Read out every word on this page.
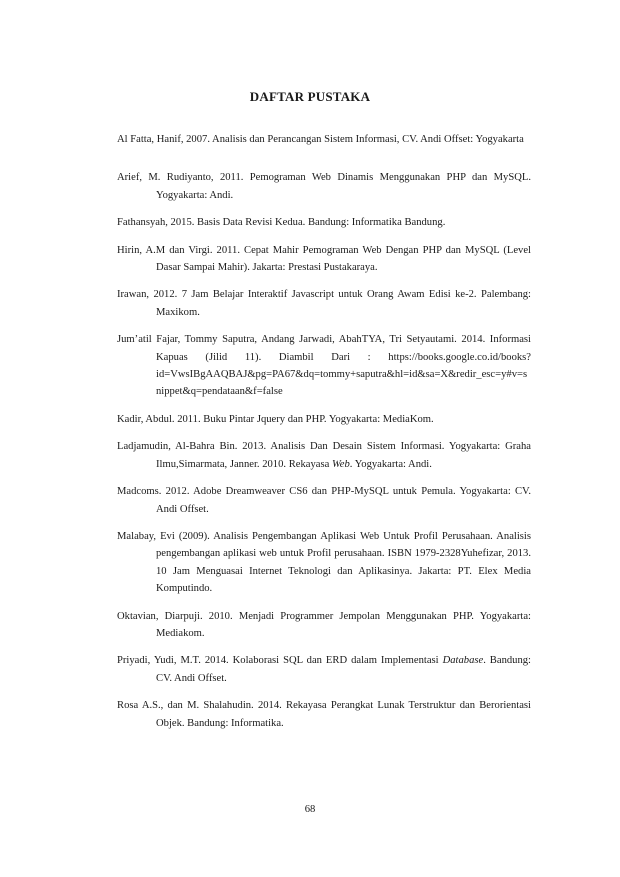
DAFTAR PUSTAKA

Al Fatta, Hanif, 2007. Analisis dan Perancangan Sistem Informasi, CV. Andi Offset: Yogyakarta

Arief, M. Rudiyanto, 2011. Pemograman Web Dinamis Menggunakan PHP dan MySQL. Yogyakarta: Andi.

Fathansyah, 2015. Basis Data Revisi Kedua. Bandung: Informatika Bandung.

Hirin, A.M dan Virgi. 2011. Cepat Mahir Pemograman Web Dengan PHP dan MySQL (Level Dasar Sampai Mahir). Jakarta: Prestasi Pustakaraya.

Irawan, 2012. 7 Jam Belajar Interaktif Javascript untuk Orang Awam Edisi ke-2. Palembang: Maxikom.

Jum’atil Fajar, Tommy Saputra, Andang Jarwadi, AbahTYA, Tri Setyautami. 2014. Informasi Kapuas (Jilid 11). Diambil Dari : https://books.google.co.id/books?id=VwsIBgAAQBAJ&pg=PA67&dq=tommy+saputra&hl=id&sa=X&redir_esc=y#v=snippet&q=pendataan&f=false

Kadir, Abdul. 2011. Buku Pintar Jquery dan PHP. Yogyakarta: MediaKom.

Ladjamudin, Al-Bahra Bin. 2013. Analisis Dan Desain Sistem Informasi. Yogyakarta: Graha Ilmu,Simarmata, Janner. 2010. Rekayasa Web. Yogyakarta: Andi.

Madcoms. 2012. Adobe Dreamweaver CS6 dan PHP-MySQL untuk Pemula. Yogyakarta: CV. Andi Offset.

Malabay, Evi (2009). Analisis Pengembangan Aplikasi Web Untuk Profil Perusahaan. Analisis pengembangan aplikasi web untuk Profil perusahaan. ISBN 1979-2328Yuhefizar, 2013. 10 Jam Menguasai Internet Teknologi dan Aplikasinya. Jakarta: PT. Elex Media Komputindo.

Oktavian, Diarpuji. 2010. Menjadi Programmer Jempolan Menggunakan PHP. Yogyakarta: Mediakom.

Priyadi, Yudi, M.T. 2014. Kolaborasi SQL dan ERD dalam Implementasi Database. Bandung: CV. Andi Offset.

Rosa A.S., dan M. Shalahudin. 2014. Rekayasa Perangkat Lunak Terstruktur dan Berorientasi Objek. Bandung: Informatika.

68
